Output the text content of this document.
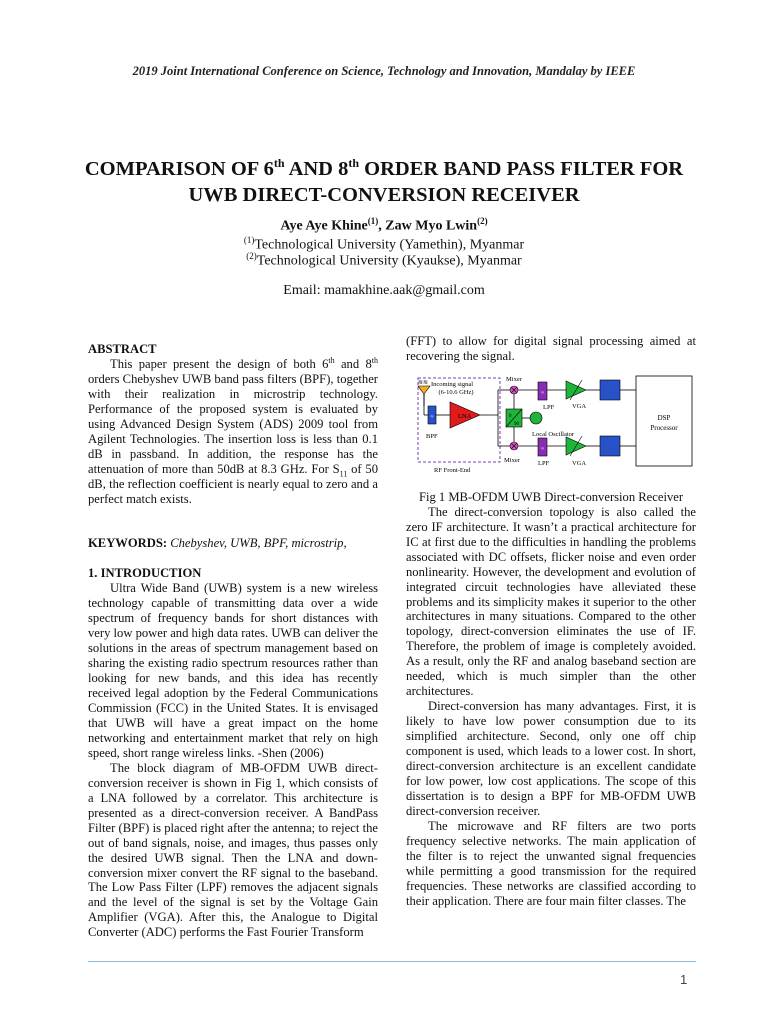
2019 Joint International Conference on Science, Technology and Innovation, Mandalay by IEEE
COMPARISON OF 6th AND 8th ORDER BAND PASS FILTER FOR
UWB DIRECT-CONVERSION RECEIVER
Aye Aye Khine$^{(1)}$, Zaw Myo Lwin$^{(2)}$
$^{(1)}$Technological University (Yamethin), Myanmar
$^{(2)}$Technological University (Kyaukse), Myanmar
Email: mamakhine.aak@gmail.com

ABSTRACT

This paper present the design of both 6th and 8th orders Chebyshev UWB band pass filters (BPF), together with their realization in microstrip technology. Performance of the proposed system is evaluated by using Advanced Design System (ADS) 2009 tool from Agilent Technologies. The insertion loss is less than 0.1 dB in passband. In addition, the response has the attenuation of more than 50dB at 8.3 GHz. For $S_{11}$ of 50 dB, the reflection coefficient is nearly equal to zero and a perfect match exists.

KEYWORDS: Chebyshev, UWB, BPF, microstrip,

1. INTRODUCTION

Ultra Wide Band (UWB) system is a new wireless technology capable of transmitting data over a wide spectrum of frequency bands for short distances with very low power and high data rates. UWB can deliver the solutions in the areas of spectrum management based on sharing the existing radio spectrum resources rather than looking for new bands, and this idea has recently received legal adoption by the Federal Communications Commission (FCC) in the United States. It is envisaged that UWB will have a great impact on the home networking and entertainment market that rely on high speed, short range wireless links. -Shen (2006)

The block diagram of MB-OFDM UWB direct-conversion receiver is shown in Fig 1, which consists of a LNA followed by a correlator. This architecture is presented as a direct-conversion receiver. A BandPass Filter (BPF) is placed right after the antenna; to reject the out of band signals, noise, and images, thus passes only the desired UWB signal. Then the LNA and down-conversion mixer convert the RF signal to the baseband. The Low Pass Filter (LPF) removes the adjacent signals and the level of the signal is set by the Voltage Gain Amplifier (VGA). After this, the Analogue to Digital Converter (ADC) performs the Fast Fourier Transform

(FFT) to allow for digital signal processing aimed at recovering the signal.

≋≋ Incoming signal
(6-10.6 GHz)
≈
BPF
LNA
RF Front-End
Mixer
Mixer
0
90
Local Oscillator
≈
LPF
≈
LPF
VGA
VGA
DSP
Processor

Fig 1 MB-OFDM UWB Direct-conversion Receiver

The direct-conversion topology is also called the zero IF architecture. It wasn’t a practical architecture for IC at first due to the difficulties in handling the problems associated with DC offsets, flicker noise and even order nonlinearity. However, the development and evolution of integrated circuit technologies have alleviated these problems and its simplicity makes it superior to the other architectures in many situations. Compared to the other topology, direct-conversion eliminates the use of IF. Therefore, the problem of image is completely avoided. As a result, only the RF and analog baseband section are needed, which is much simpler than the other architectures.

Direct-conversion has many advantages. First, it is likely to have low power consumption due to its simplified architecture. Second, only one off chip component is used, which leads to a lower cost. In short, direct-conversion architecture is an excellent candidate for low power, low cost applications. The scope of this dissertation is to design a BPF for MB-OFDM UWB direct-conversion receiver.

The microwave and RF filters are two ports frequency selective networks. The main application of the filter is to reject the unwanted signal frequencies while permitting a good transmission for the required frequencies. These networks are classified according to their application. There are four main filter classes. The

1
